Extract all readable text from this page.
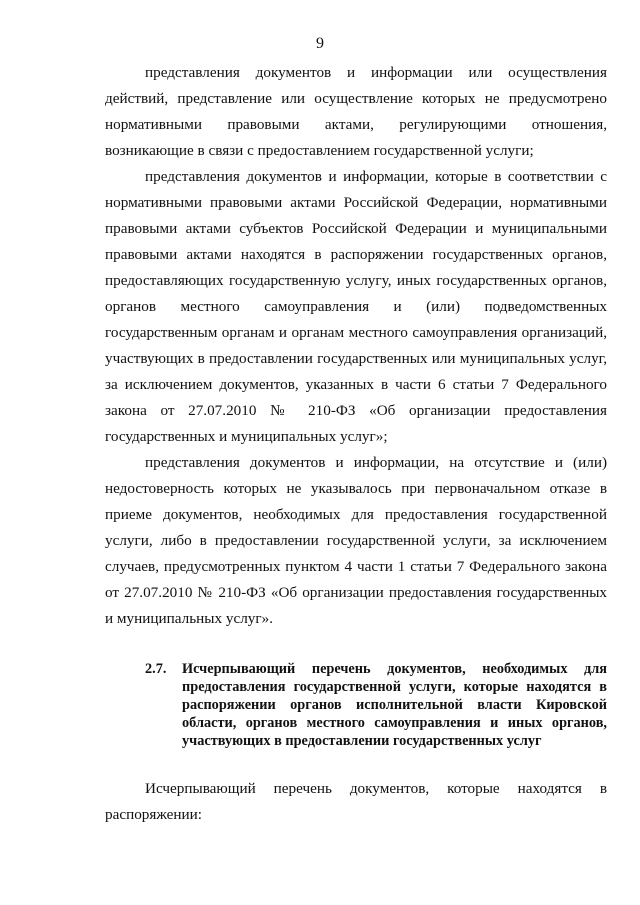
9

представления документов и информации или осуществления действий, представление или осуществление которых не предусмотрено нормативными правовыми актами, регулирующими отношения, возникающие в связи с предоставлением государственной услуги;

представления документов и информации, которые в соответствии с нормативными правовыми актами Российской Федерации, нормативными правовыми актами субъектов Российской Федерации и муниципальными правовыми актами находятся в распоряжении государственных органов, предоставляющих государственную услугу, иных государственных органов, органов местного самоуправления и (или) подведомственных государственным органам и органам местного самоуправления организаций, участвующих в предоставлении государственных или муниципальных услуг, за исключением документов, указанных в части 6 статьи 7 Федерального закона от 27.07.2010 № 210-ФЗ «Об организации предоставления государственных и муниципальных услуг»;

представления документов и информации, на отсутствие и (или) недостоверность которых не указывалось при первоначальном отказе в приеме документов, необходимых для предоставления государственной услуги, либо в предоставлении государственной услуги, за исключением случаев, предусмотренных пунктом 4 части 1 статьи 7 Федерального закона от 27.07.2010 № 210-ФЗ «Об организации предоставления государственных и муниципальных услуг».

2.7.	Исчерпывающий перечень документов, необходимых для предоставления государственной услуги, которые находятся в распоряжении органов исполнительной власти Кировской области, органов местного самоуправления и иных органов, участвующих в предоставлении государственных услуг

Исчерпывающий перечень документов, которые находятся в распоряжении:
